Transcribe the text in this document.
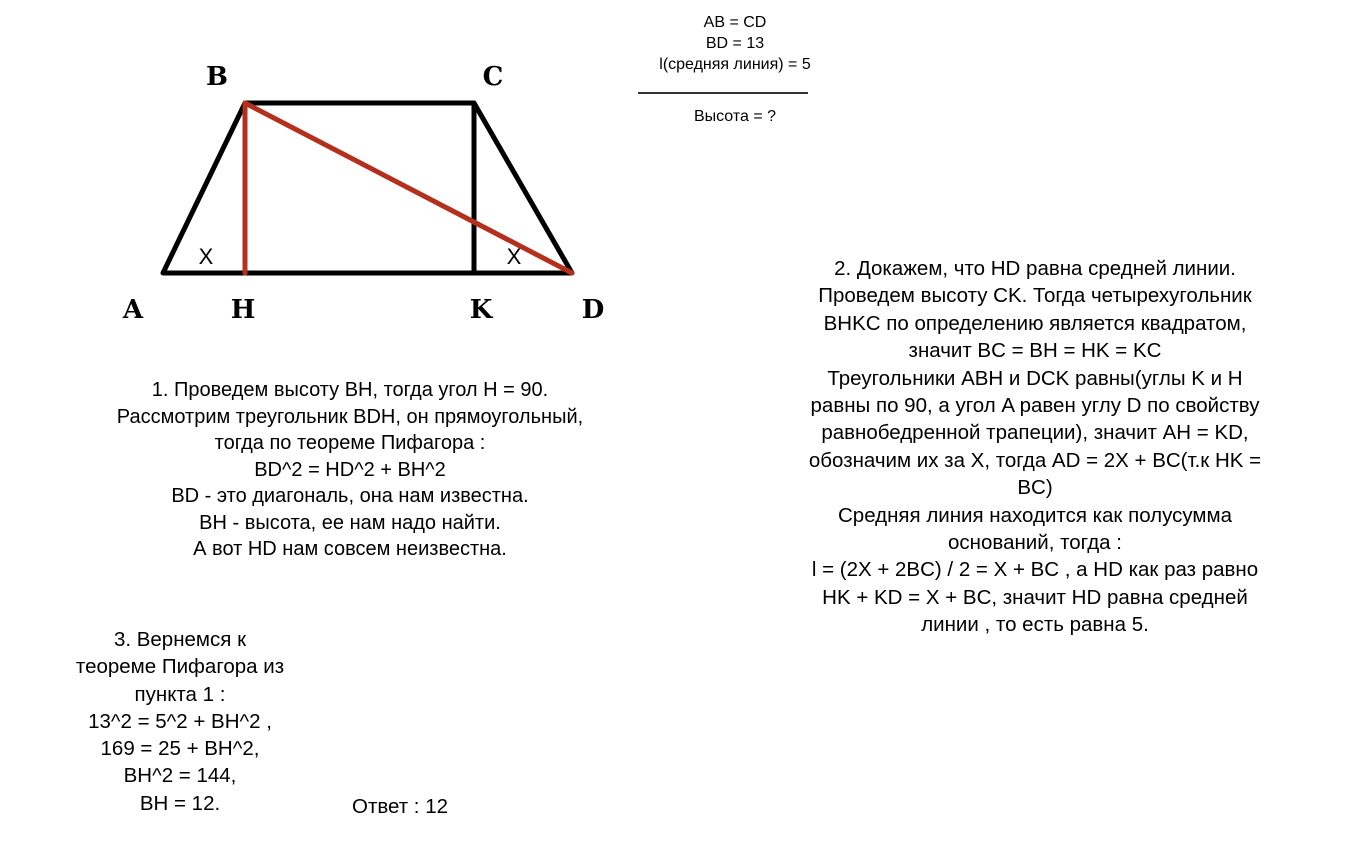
B	C
A	H	K	D
X	X
AB = CD
BD = 13
l(средняя линия) = 5
Высота = ?
1. Проведем высоту BH, тогда угол H = 90.
Рассмотрим треугольник BDH, он прямоугольный,
тогда по теореме Пифагора :
BD^2 = HD^2 + BH^2
BD - это диагональ, она нам известна.
BH - высота, ее нам надо найти.
А вот HD нам совсем неизвестна.
2. Докажем, что HD равна средней линии.
Проведем высоту CK. Тогда четырехугольник
BHKC по определению является квадратом,
значит BC = BH = HK = KC
Треугольники ABH и DCK равны(углы K и H
равны по 90, а угол A равен углу D по свойству
равнобедренной трапеции), значит AH = KD,
обозначим их за X, тогда AD = 2X + BC(т.к HK =
BC)
Средняя линия находится как полусумма
оснований, тогда :
l = (2X + 2BC) / 2 = X + BC , а HD как раз равно
HK + KD = X + BC, значит HD равна средней
линии , то есть равна 5.
3. Вернемся к
теореме Пифагора из
пункта 1 :
13^2 = 5^2 + BH^2 ,
169 = 25 + BH^2,
BH^2 = 144,
BH = 12.	Ответ : 12
